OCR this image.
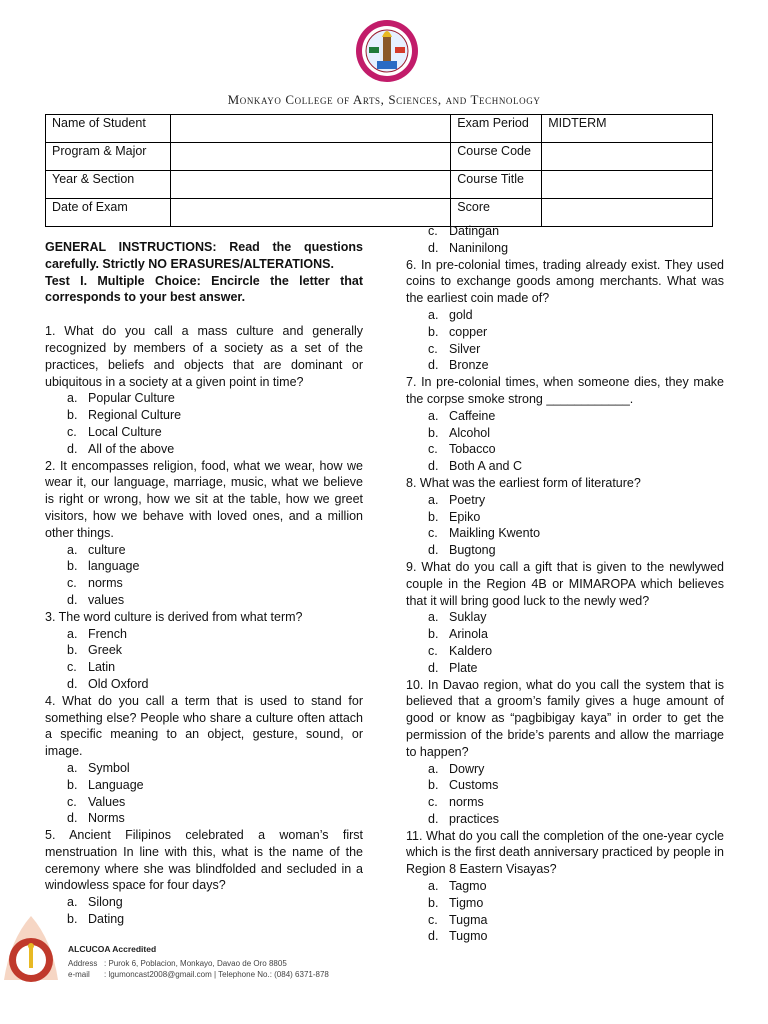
Monkayo College of Arts, Sciences, and Technology
Name of Student		Exam Period	MIDTERM
Program & Major		Course Code	
Year & Section		Course Title	
Date of Exam		Score	
GENERAL INSTRUCTIONS: Read the questions carefully. Strictly NO ERASURES/ALTERATIONS.
Test I. Multiple Choice: Encircle the letter that corresponds to your best answer.
1. What do you call a mass culture and generally recognized by members of a society as a set of the practices, beliefs and objects that are dominant or ubiquitous in a society at a given point in time?
a. Popular Culture
b. Regional Culture
c. Local Culture
d. All of the above
2. It encompasses religion, food, what we wear, how we wear it, our language, marriage, music, what we believe is right or wrong, how we sit at the table, how we greet visitors, how we behave with loved ones, and a million other things.
a. culture
b. language
c. norms
d. values
3. The word culture is derived from what term?
a. French
b. Greek
c. Latin
d. Old Oxford
4. What do you call a term that is used to stand for something else? People who share a culture often attach a specific meaning to an object, gesture, sound, or image.
a. Symbol
b. Language
c. Values
d. Norms
5. Ancient Filipinos celebrated a woman’s first menstruation In line with this, what is the name of the ceremony where she was blindfolded and secluded in a windowless space for four days?
a. Silong
b. Dating
c. Datingan
d. Naninilong
6. In pre-colonial times, trading already exist. They used coins to exchange goods among merchants. What was the earliest coin made of?
a. gold
b. copper
c. Silver
d. Bronze
7. In pre-colonial times, when someone dies, they make the corpse smoke strong ____________.
a. Caffeine
b. Alcohol
c. Tobacco
d. Both A and C
8. What was the earliest form of literature?
a. Poetry
b. Epiko
c. Maikling Kwento
d. Bugtong
9. What do you call a gift that is given to the newlywed couple in the Region 4B or MIMAROPA which believes that it will bring good luck to the newly wed?
a. Suklay
b. Arinola
c. Kaldero
d. Plate
10. In Davao region, what do you call the system that is believed that a groom’s family gives a huge amount of good or know as “pagbibigay kaya” in order to get the permission of the bride’s parents and allow the marriage to happen?
a. Dowry
b. Customs
c. norms
d. practices
11. What do you call the completion of the one-year cycle which is the first death anniversary practiced by people in Region 8 Eastern Visayas?
a. Tagmo
b. Tigmo
c. Tugma
d. Tugmo
ALCUCOA Accredited
Address : Purok 6, Poblacion, Monkayo, Davao de Oro 8805
e-mail : lgumoncast2008@gmail.com | Telephone No.: (084) 6371-878
